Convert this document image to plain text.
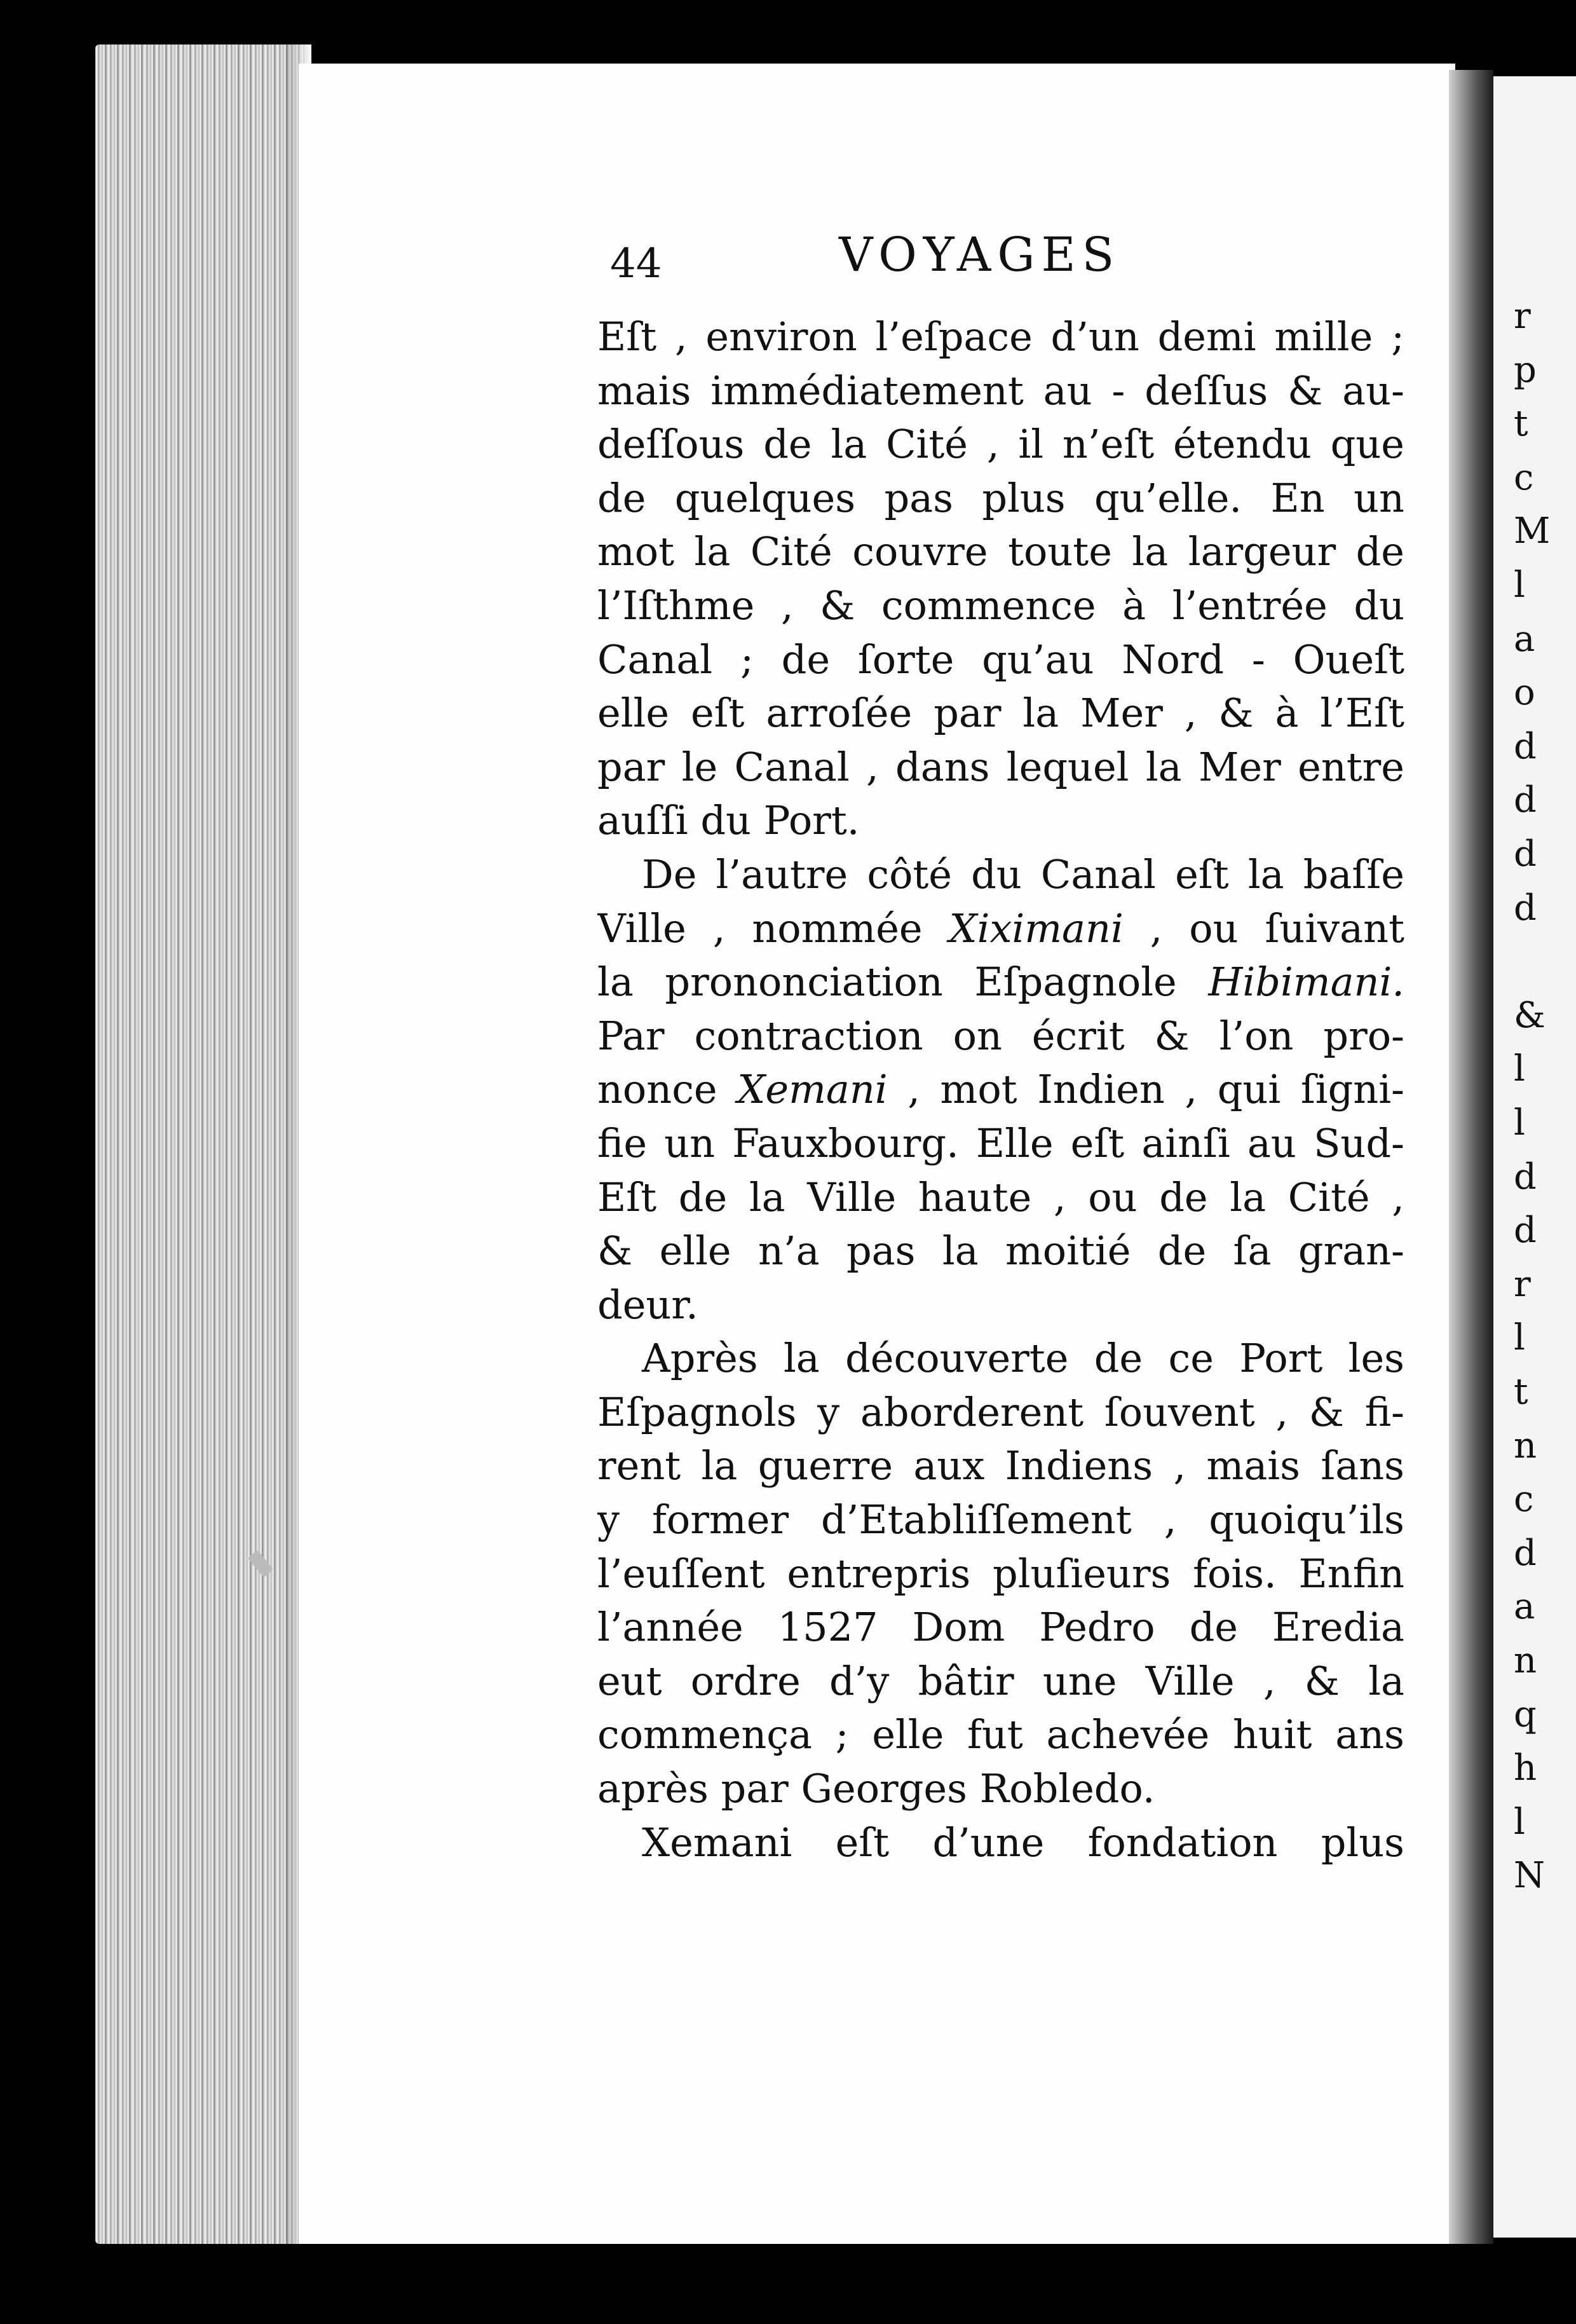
44	VOYAGES
Eſt , environ l’eſpace d’un demi mille ;
mais immédiatement au - deſſus & au-
deſſous de la Cité , il n’eſt étendu que
de quelques pas plus qu’elle. En un
mot la Cité couvre toute la largeur de
l’Iſthme , & commence à l’entrée du
Canal ; de ſorte qu’au Nord - Oueſt
elle eſt arroſée par la Mer , & à l’Eſt
par le Canal , dans lequel la Mer entre
auſſi du Port.
De l’autre côté du Canal eſt la baſſe
Ville , nommée Xiximani , ou ſuivant
la prononciation Eſpagnole Hibimani.
Par contraction on écrit & l’on pro-
nonce Xemani , mot Indien , qui ſigni-
fie un Fauxbourg. Elle eſt ainſi au Sud-
Eſt de la Ville haute , ou de la Cité ,
& elle n’a pas la moitié de ſa gran-
deur.
Après la découverte de ce Port les
Eſpagnols y aborderent ſouvent , & fi-
rent la guerre aux Indiens , mais ſans
y former d’Etabliſſement , quoiqu’ils
l’euſſent entrepris pluſieurs fois. Enfin
l’année 1527 Dom Pedro de Eredia
eut ordre d’y bâtir une Ville , & la
commença ; elle fut achevée huit ans
après par Georges Robledo.
Xemani eſt d’une fondation plus
r
p
t
c
M
l
a
o
d
d
d
d
&
l
l
d
d
r
l
t
n
c
d
a
n
q
h
l
N
